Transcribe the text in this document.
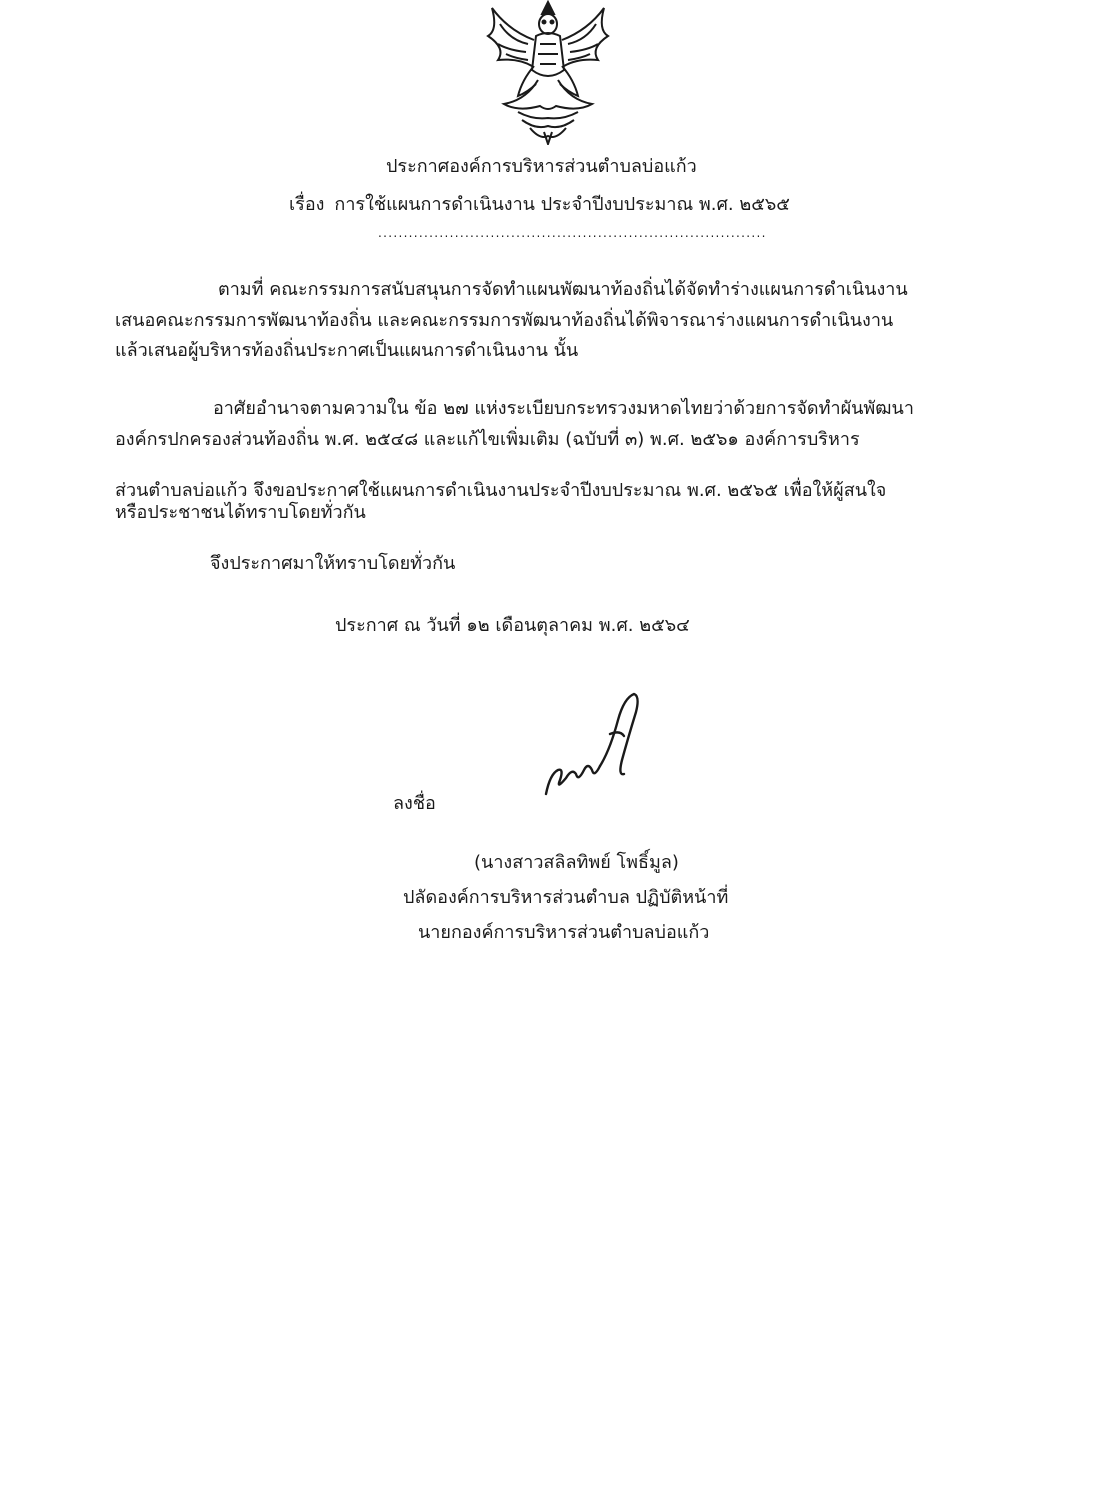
ประกาศองค์การบริหารส่วนตำบลบ่อแก้ว
เรื่อง การใช้แผนการดำเนินงาน ประจำปีงบประมาณ พ.ศ. ๒๕๖๕
............................................................................
ตามที่ คณะกรรมการสนับสนุนการจัดทำแผนพัฒนาท้องถิ่นได้จัดทำร่างแผนการดำเนินงาน
เสนอคณะกรรมการพัฒนาท้องถิ่น และคณะกรรมการพัฒนาท้องถิ่นได้พิจารณาร่างแผนการดำเนินงาน
แล้วเสนอผู้บริหารท้องถิ่นประกาศเป็นแผนการดำเนินงาน นั้น
อาศัยอำนาจตามความใน ข้อ ๒๗ แห่งระเบียบกระทรวงมหาดไทยว่าด้วยการจัดทำผันพัฒนา
องค์กรปกครองส่วนท้องถิ่น พ.ศ. ๒๕๔๘ และแก้ไขเพิ่มเติม (ฉบับที่ ๓) พ.ศ. ๒๕๖๑ องค์การบริหาร
ส่วนตำบลบ่อแก้ว จึงขอประกาศใช้แผนการดำเนินงานประจำปีงบประมาณ พ.ศ. ๒๕๖๕ เพื่อให้ผู้สนใจ
หรือประชาชนได้ทราบโดยทั่วกัน
จึงประกาศมาให้ทราบโดยทั่วกัน
ประกาศ ณ วันที่ ๑๒ เดือนตุลาคม พ.ศ. ๒๕๖๔
ลงชื่อ
(นางสาวสลิลทิพย์ โพธิ์มูล)
ปลัดองค์การบริหารส่วนตำบล ปฏิบัติหน้าที่
นายกองค์การบริหารส่วนตำบลบ่อแก้ว
